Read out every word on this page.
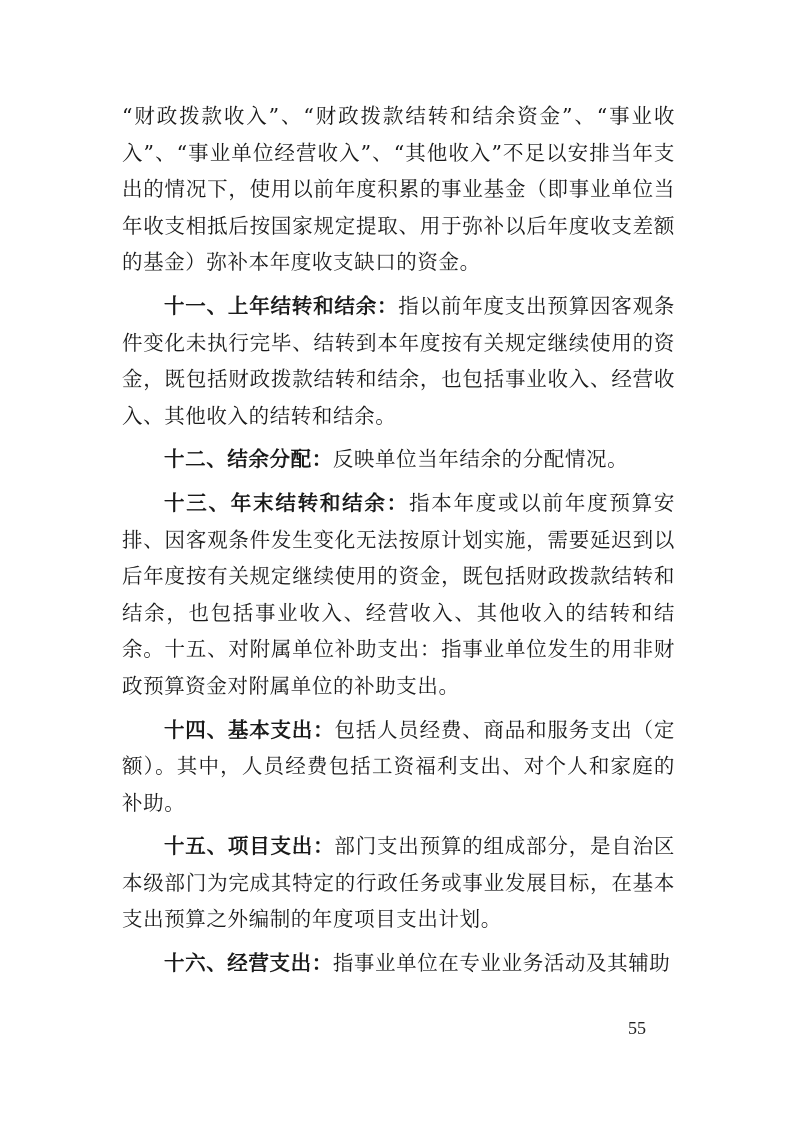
“财政拨款收入”、“财政拨款结转和结余资金”、“事业收入”、“事业单位经营收入”、“其他收入”不足以安排当年支出的情况下，使用以前年度积累的事业基金（即事业单位当年收支相抵后按国家规定提取、用于弥补以后年度收支差额的基金）弥补本年度收支缺口的资金。

十一、上年结转和结余：指以前年度支出预算因客观条件变化未执行完毕、结转到本年度按有关规定继续使用的资金，既包括财政拨款结转和结余，也包括事业收入、经营收入、其他收入的结转和结余。

十二、结余分配：反映单位当年结余的分配情况。

十三、年末结转和结余：指本年度或以前年度预算安排、因客观条件发生变化无法按原计划实施，需要延迟到以后年度按有关规定继续使用的资金，既包括财政拨款结转和结余，也包括事业收入、经营收入、其他收入的结转和结余。十五、对附属单位补助支出：指事业单位发生的用非财政预算资金对附属单位的补助支出。

十四、基本支出：包括人员经费、商品和服务支出（定额）。其中，人员经费包括工资福利支出、对个人和家庭的补助。

十五、项目支出：部门支出预算的组成部分，是自治区本级部门为完成其特定的行政任务或事业发展目标，在基本支出预算之外编制的年度项目支出计划。

十六、经营支出：指事业单位在专业业务活动及其辅助

55
